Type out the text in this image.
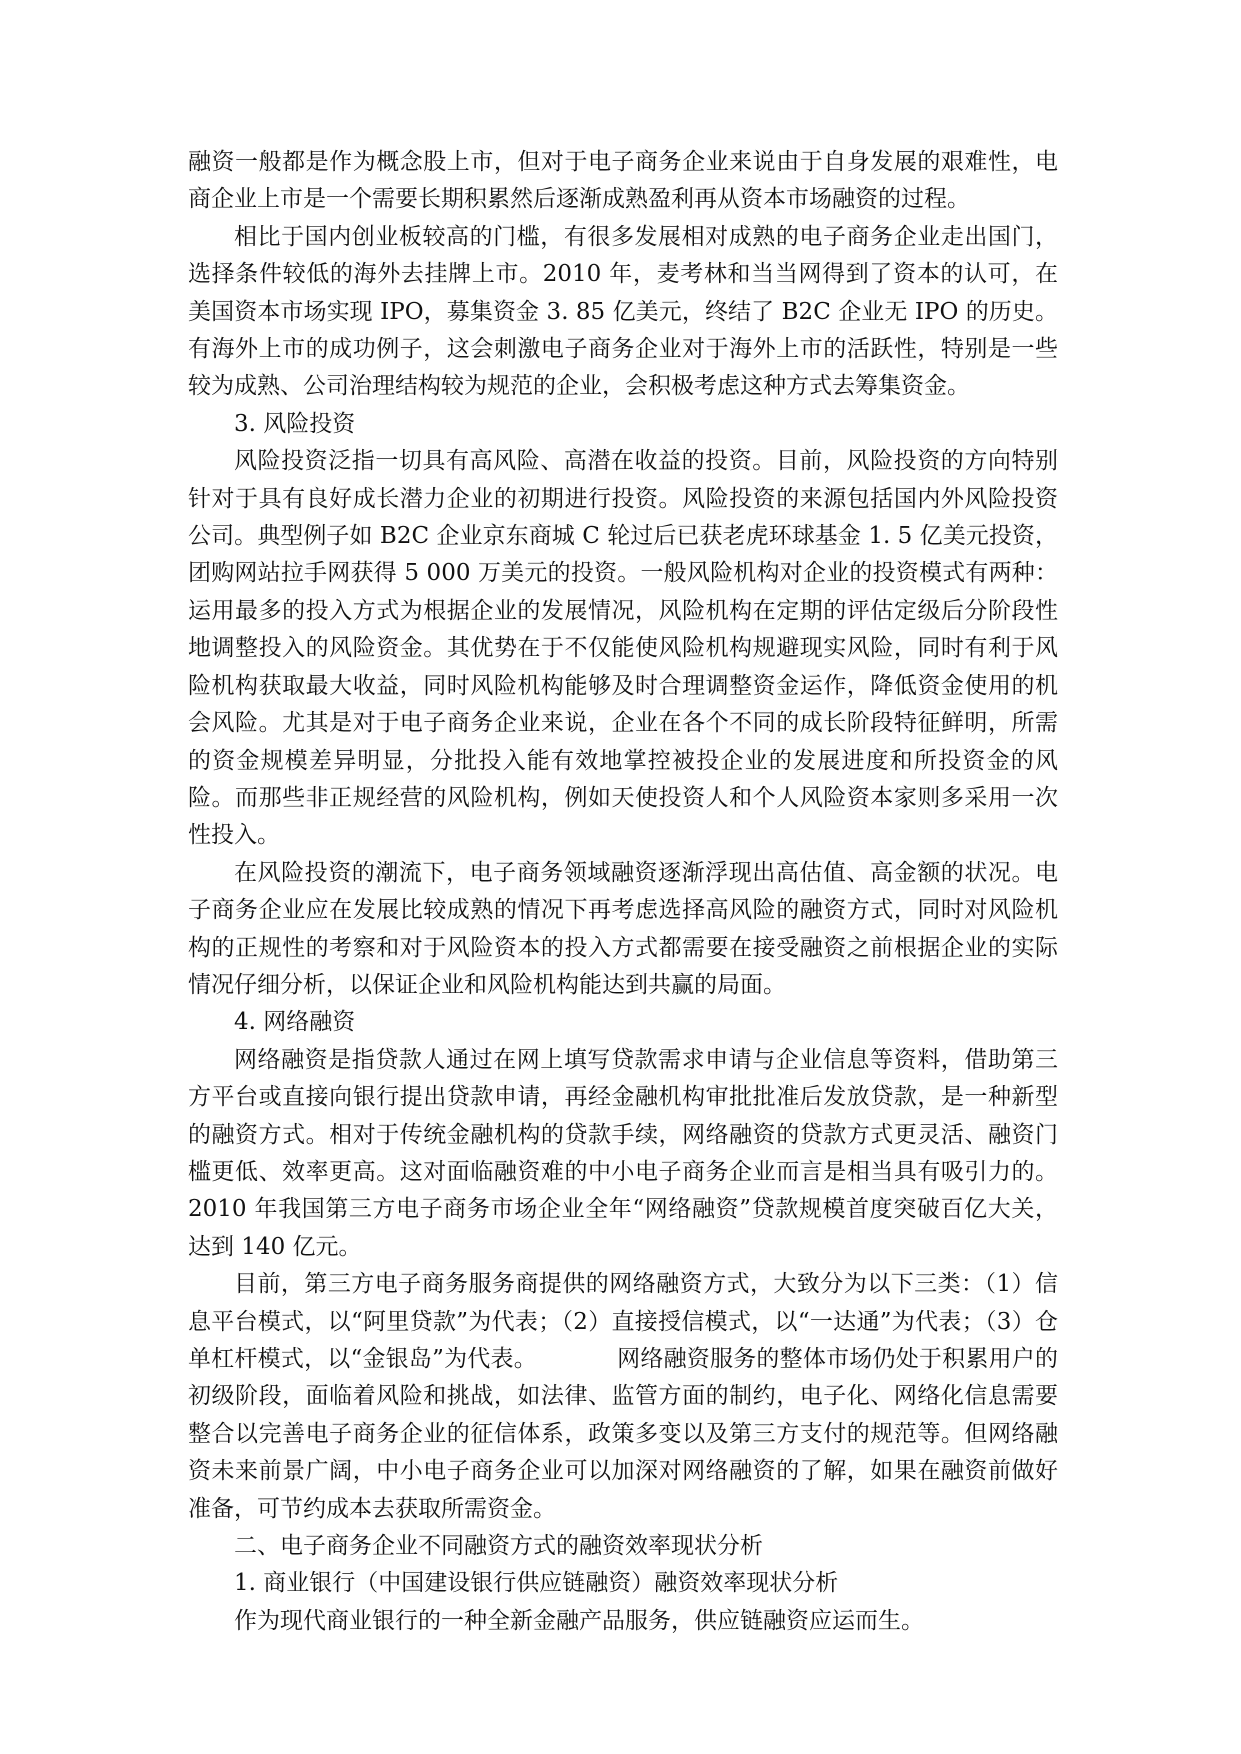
融资一般都是作为概念股上市，但对于电子商务企业来说由于自身发展的艰难性，电商企业上市是一个需要长期积累然后逐渐成熟盈利再从资本市场融资的过程。

相比于国内创业板较高的门槛，有很多发展相对成熟的电子商务企业走出国门，选择条件较低的海外去挂牌上市。2010 年，麦考林和当当网得到了资本的认可，在美国资本市场实现 IPO，募集资金 3. 85 亿美元，终结了 B2C 企业无 IPO 的历史。有海外上市的成功例子，这会刺激电子商务企业对于海外上市的活跃性，特别是一些较为成熟、公司治理结构较为规范的企业，会积极考虑这种方式去筹集资金。

3. 风险投资

风险投资泛指一切具有高风险、高潜在收益的投资。目前，风险投资的方向特别针对于具有良好成长潜力企业的初期进行投资。风险投资的来源包括国内外风险投资公司。典型例子如 B2C 企业京东商城 C 轮过后已获老虎环球基金 1. 5 亿美元投资，团购网站拉手网获得 5 000 万美元的投资。一般风险机构对企业的投资模式有两种：运用最多的投入方式为根据企业的发展情况，风险机构在定期的评估定级后分阶段性地调整投入的风险资金。其优势在于不仅能使风险机构规避现实风险，同时有利于风险机构获取最大收益，同时风险机构能够及时合理调整资金运作，降低资金使用的机会风险。尤其是对于电子商务企业来说，企业在各个不同的成长阶段特征鲜明，所需的资金规模差异明显，分批投入能有效地掌控被投企业的发展进度和所投资金的风险。而那些非正规经营的风险机构，例如天使投资人和个人风险资本家则多采用一次性投入。

在风险投资的潮流下，电子商务领域融资逐渐浮现出高估值、高金额的状况。电子商务企业应在发展比较成熟的情况下再考虑选择高风险的融资方式，同时对风险机构的正规性的考察和对于风险资本的投入方式都需要在接受融资之前根据企业的实际情况仔细分析，以保证企业和风险机构能达到共赢的局面。

4. 网络融资

网络融资是指贷款人通过在网上填写贷款需求申请与企业信息等资料，借助第三方平台或直接向银行提出贷款申请，再经金融机构审批批准后发放贷款，是一种新型的融资方式。相对于传统金融机构的贷款手续，网络融资的贷款方式更灵活、融资门槛更低、效率更高。这对面临融资难的中小电子商务企业而言是相当具有吸引力的。2010 年我国第三方电子商务市场企业全年“网络融资”贷款规模首度突破百亿大关，达到 140 亿元。

目前，第三方电子商务服务商提供的网络融资方式，大致分为以下三类：（1）信息平台模式，以“阿里贷款”为代表；（2）直接授信模式，以“一达通”为代表；（3）仓单杠杆模式，以“金银岛”为代表。	网络融资服务的整体市场仍处于积累用户的初级阶段，面临着风险和挑战，如法律、监管方面的制约，电子化、网络化信息需要整合以完善电子商务企业的征信体系，政策多变以及第三方支付的规范等。但网络融资未来前景广阔，中小电子商务企业可以加深对网络融资的了解，如果在融资前做好准备，可节约成本去获取所需资金。

二、电子商务企业不同融资方式的融资效率现状分析

1. 商业银行（中国建设银行供应链融资）融资效率现状分析

作为现代商业银行的一种全新金融产品服务，供应链融资应运而生。
